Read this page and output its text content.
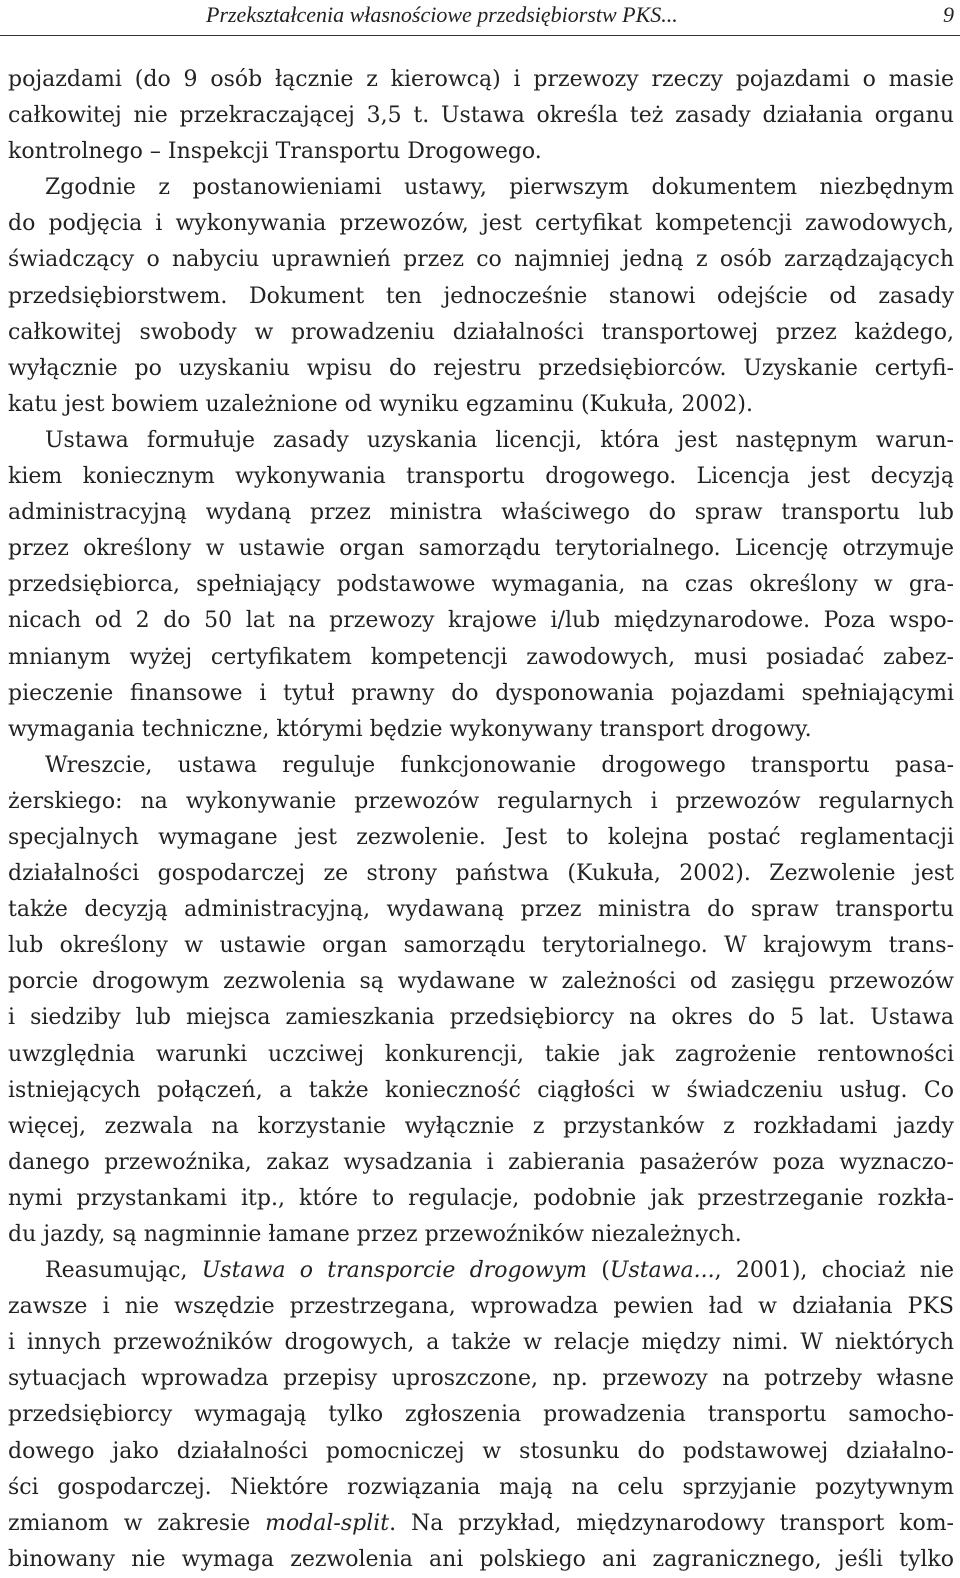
Przekształcenia własnościowe przedsiębiorstw PKS...	9
pojazdami (do 9 osób łącznie z kierowcą) i przewozy rzeczy pojazdami o masie
całkowitej nie przekraczającej 3,5 t. Ustawa określa też zasady działania organu
kontrolnego – Inspekcji Transportu Drogowego.
Zgodnie z postanowieniami ustawy, pierwszym dokumentem niezbędnym
do podjęcia i wykonywania przewozów, jest certyfikat kompetencji zawodowych,
świadczący o nabyciu uprawnień przez co najmniej jedną z osób zarządzających
przedsiębiorstwem. Dokument ten jednocześnie stanowi odejście od zasady
całkowitej swobody w prowadzeniu działalności transportowej przez każdego,
wyłącznie po uzyskaniu wpisu do rejestru przedsiębiorców. Uzyskanie certyfi-
katu jest bowiem uzależnione od wyniku egzaminu (Kukuła, 2002).
Ustawa formułuje zasady uzyskania licencji, która jest następnym warun-
kiem koniecznym wykonywania transportu drogowego. Licencja jest decyzją
administracyjną wydaną przez ministra właściwego do spraw transportu lub
przez określony w ustawie organ samorządu terytorialnego. Licencję otrzymuje
przedsiębiorca, spełniający podstawowe wymagania, na czas określony w gra-
nicach od 2 do 50 lat na przewozy krajowe i/lub międzynarodowe. Poza wspo-
mnianym wyżej certyfikatem kompetencji zawodowych, musi posiadać zabez-
pieczenie finansowe i tytuł prawny do dysponowania pojazdami spełniającymi
wymagania techniczne, którymi będzie wykonywany transport drogowy.
Wreszcie, ustawa reguluje funkcjonowanie drogowego transportu pasa-
żerskiego: na wykonywanie przewozów regularnych i przewozów regularnych
specjalnych wymagane jest zezwolenie. Jest to kolejna postać reglamentacji
działalności gospodarczej ze strony państwa (Kukuła, 2002). Zezwolenie jest
także decyzją administracyjną, wydawaną przez ministra do spraw transportu
lub określony w ustawie organ samorządu terytorialnego. W krajowym trans-
porcie drogowym zezwolenia są wydawane w zależności od zasięgu przewozów
i siedziby lub miejsca zamieszkania przedsiębiorcy na okres do 5 lat. Ustawa
uwzględnia warunki uczciwej konkurencji, takie jak zagrożenie rentowności
istniejących połączeń, a także konieczność ciągłości w świadczeniu usług. Co
więcej, zezwala na korzystanie wyłącznie z przystanków z rozkładami jazdy
danego przewoźnika, zakaz wysadzania i zabierania pasażerów poza wyznaczo-
nymi przystankami itp., które to regulacje, podobnie jak przestrzeganie rozkła-
du jazdy, są nagminnie łamane przez przewoźników niezależnych.
Reasumując, Ustawa o transporcie drogowym (Ustawa..., 2001), chociaż nie
zawsze i nie wszędzie przestrzegana, wprowadza pewien ład w działania PKS
i innych przewoźników drogowych, a także w relacje między nimi. W niektórych
sytuacjach wprowadza przepisy uproszczone, np. przewozy na potrzeby własne
przedsiębiorcy wymagają tylko zgłoszenia prowadzenia transportu samocho-
dowego jako działalności pomocniczej w stosunku do podstawowej działalno-
ści gospodarczej. Niektóre rozwiązania mają na celu sprzyjanie pozytywnym
zmianom w zakresie modal-split. Na przykład, międzynarodowy transport kom-
binowany nie wymaga zezwolenia ani polskiego ani zagranicznego, jeśli tylko
